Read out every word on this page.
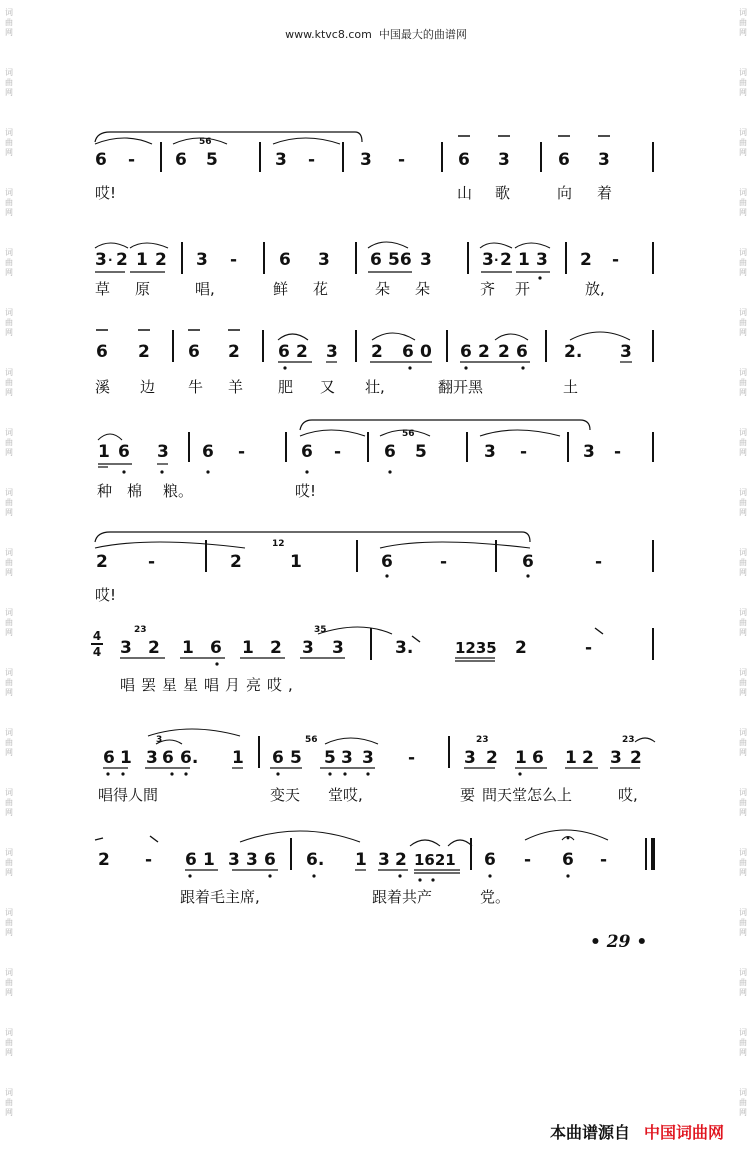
www.ktvc8.com 中国最大的曲谱网
词
曲
网
词
曲
网
词
曲
网
词
曲
网
词
曲
网
词
曲
网
词
曲
网
词
曲
网
词
曲
网
词
曲
网
词
曲
网
词
曲
网
词
曲
网
词
曲
网
词
曲
网
词
曲
网
词
曲
网
词
曲
网
词
曲
网
词
曲
网
词
曲
网
词
曲
网
词
曲
网
词
曲
网
词
曲
网
词
曲
网
词
曲
网
词
曲
网
词
曲
网
词
曲
网
词
曲
网
词
曲
网
词
曲
网
词
曲
网
词
曲
网
词
曲
网
词
曲
网
词
曲
网
6 - 6
56
5	3 -	3 -	6 3	6 3
哎!	山 歌	向 着
3 · 2 1 2 3 - 6 3 6 56 3	3 · 2 1 3 2 -
草 原	唱,	鲜 花	朵 朵	齐 开	放,
6 2 6 2 6 2 3 2 6 0 6 2 2 6 2. 3
溪 边 牛 羊 肥 又 壮,	翻开黑	土
1 6 3 6 -	6 -	6
56
5	3 -	3 -
种 棉 粮。	哎!
2 -	2
12
1	6	-	6	-
哎!
4
4 3
23
2 1 6 1 2 3
35
3	3.	1235 2	-
唱罢星星唱月亮哎,
6 1 3
3
6 6. 1 6 5
56
5 3 3 -	3
23
2 1 6 1 2 3
23
2
唱得人間	变天 堂哎,	要 問天堂怎么上	哎,
2 - 6 1 3 3 6 6. 1 3 2 1621 6 - 6 -
跟着毛主席,	跟着共产	党。
• 29 •
本曲谱源自 中国词曲网
